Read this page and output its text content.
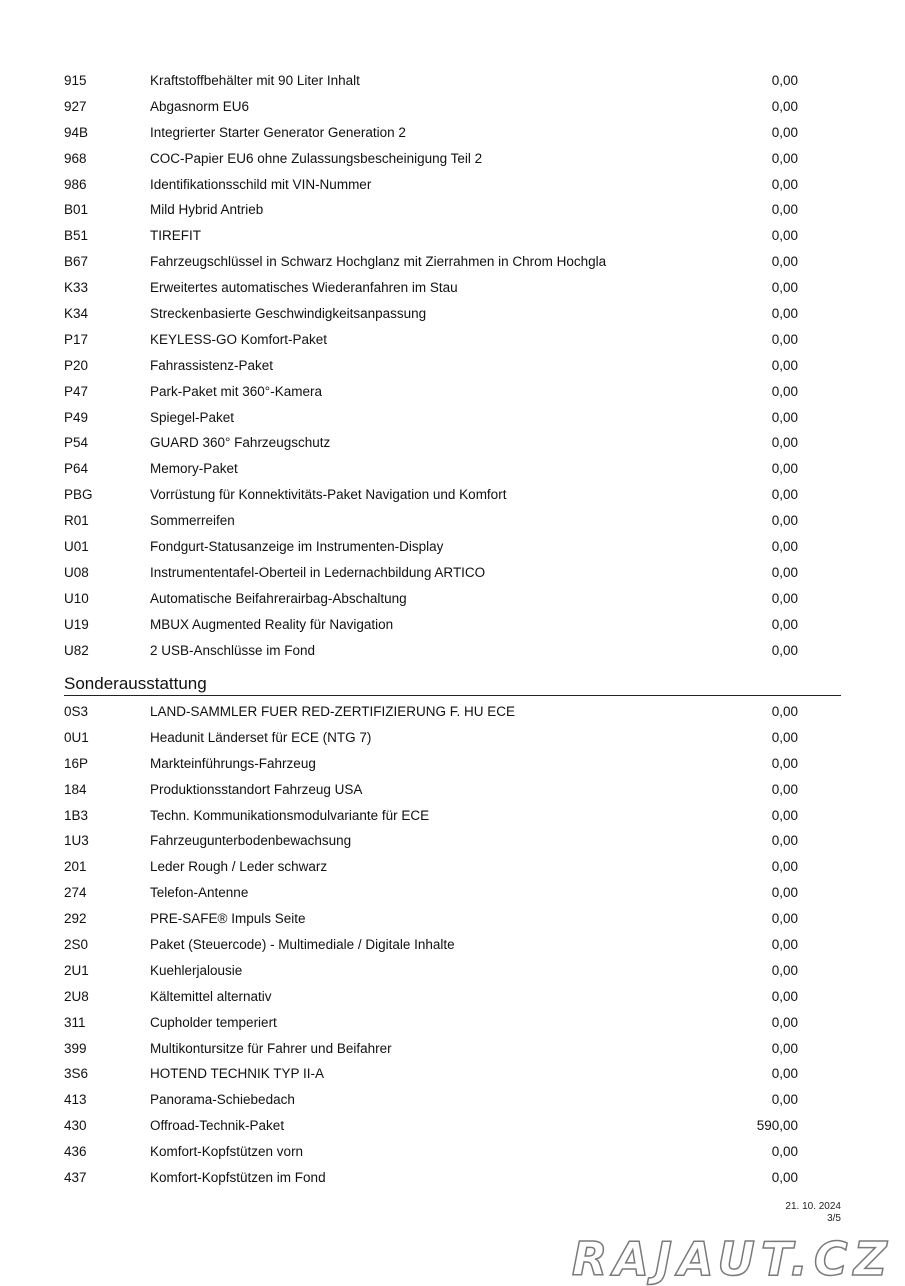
915	Kraftstoffbehälter mit 90 Liter Inhalt	0,00
927	Abgasnorm EU6	0,00
94B	Integrierter Starter Generator Generation 2	0,00
968	COC-Papier EU6 ohne Zulassungsbescheinigung Teil 2	0,00
986	Identifikationsschild mit VIN-Nummer	0,00
B01	Mild Hybrid Antrieb	0,00
B51	TIREFIT	0,00
B67	Fahrzeugschlüssel in Schwarz Hochglanz mit Zierrahmen in Chrom Hochgla	0,00
K33	Erweitertes automatisches Wiederanfahren im Stau	0,00
K34	Streckenbasierte Geschwindigkeitsanpassung	0,00
P17	KEYLESS-GO Komfort-Paket	0,00
P20	Fahrassistenz-Paket	0,00
P47	Park-Paket mit 360°-Kamera	0,00
P49	Spiegel-Paket	0,00
P54	GUARD 360° Fahrzeugschutz	0,00
P64	Memory-Paket	0,00
PBG	Vorrüstung für Konnektivitäts-Paket Navigation und Komfort	0,00
R01	Sommerreifen	0,00
U01	Fondgurt-Statusanzeige im Instrumenten-Display	0,00
U08	Instrumententafel-Oberteil in Ledernachbildung ARTICO	0,00
U10	Automatische Beifahrerairbag-Abschaltung	0,00
U19	MBUX Augmented Reality für Navigation	0,00
U82	2 USB-Anschlüsse im Fond	0,00
Sonderausstattung
0S3	LAND-SAMMLER FUER RED-ZERTIFIZIERUNG F. HU ECE	0,00
0U1	Headunit Länderset für ECE (NTG 7)	0,00
16P	Markteinführungs-Fahrzeug	0,00
184	Produktionsstandort Fahrzeug USA	0,00
1B3	Techn. Kommunikationsmodulvariante für ECE	0,00
1U3	Fahrzeugunterbodenbewachsung	0,00
201	Leder Rough / Leder schwarz	0,00
274	Telefon-Antenne	0,00
292	PRE-SAFE® Impuls Seite	0,00
2S0	Paket (Steuercode) - Multimediale / Digitale Inhalte	0,00
2U1	Kuehlerjalousie	0,00
2U8	Kältemittel alternativ	0,00
311	Cupholder temperiert	0,00
399	Multikontursitze für Fahrer und Beifahrer	0,00
3S6	HOTEND TECHNIK TYP II-A	0,00
413	Panorama-Schiebedach	0,00
430	Offroad-Technik-Paket	590,00
436	Komfort-Kopfstützen vorn	0,00
437	Komfort-Kopfstützen im Fond	0,00
21. 10. 2024
3/5
RAJAUT.CZ
